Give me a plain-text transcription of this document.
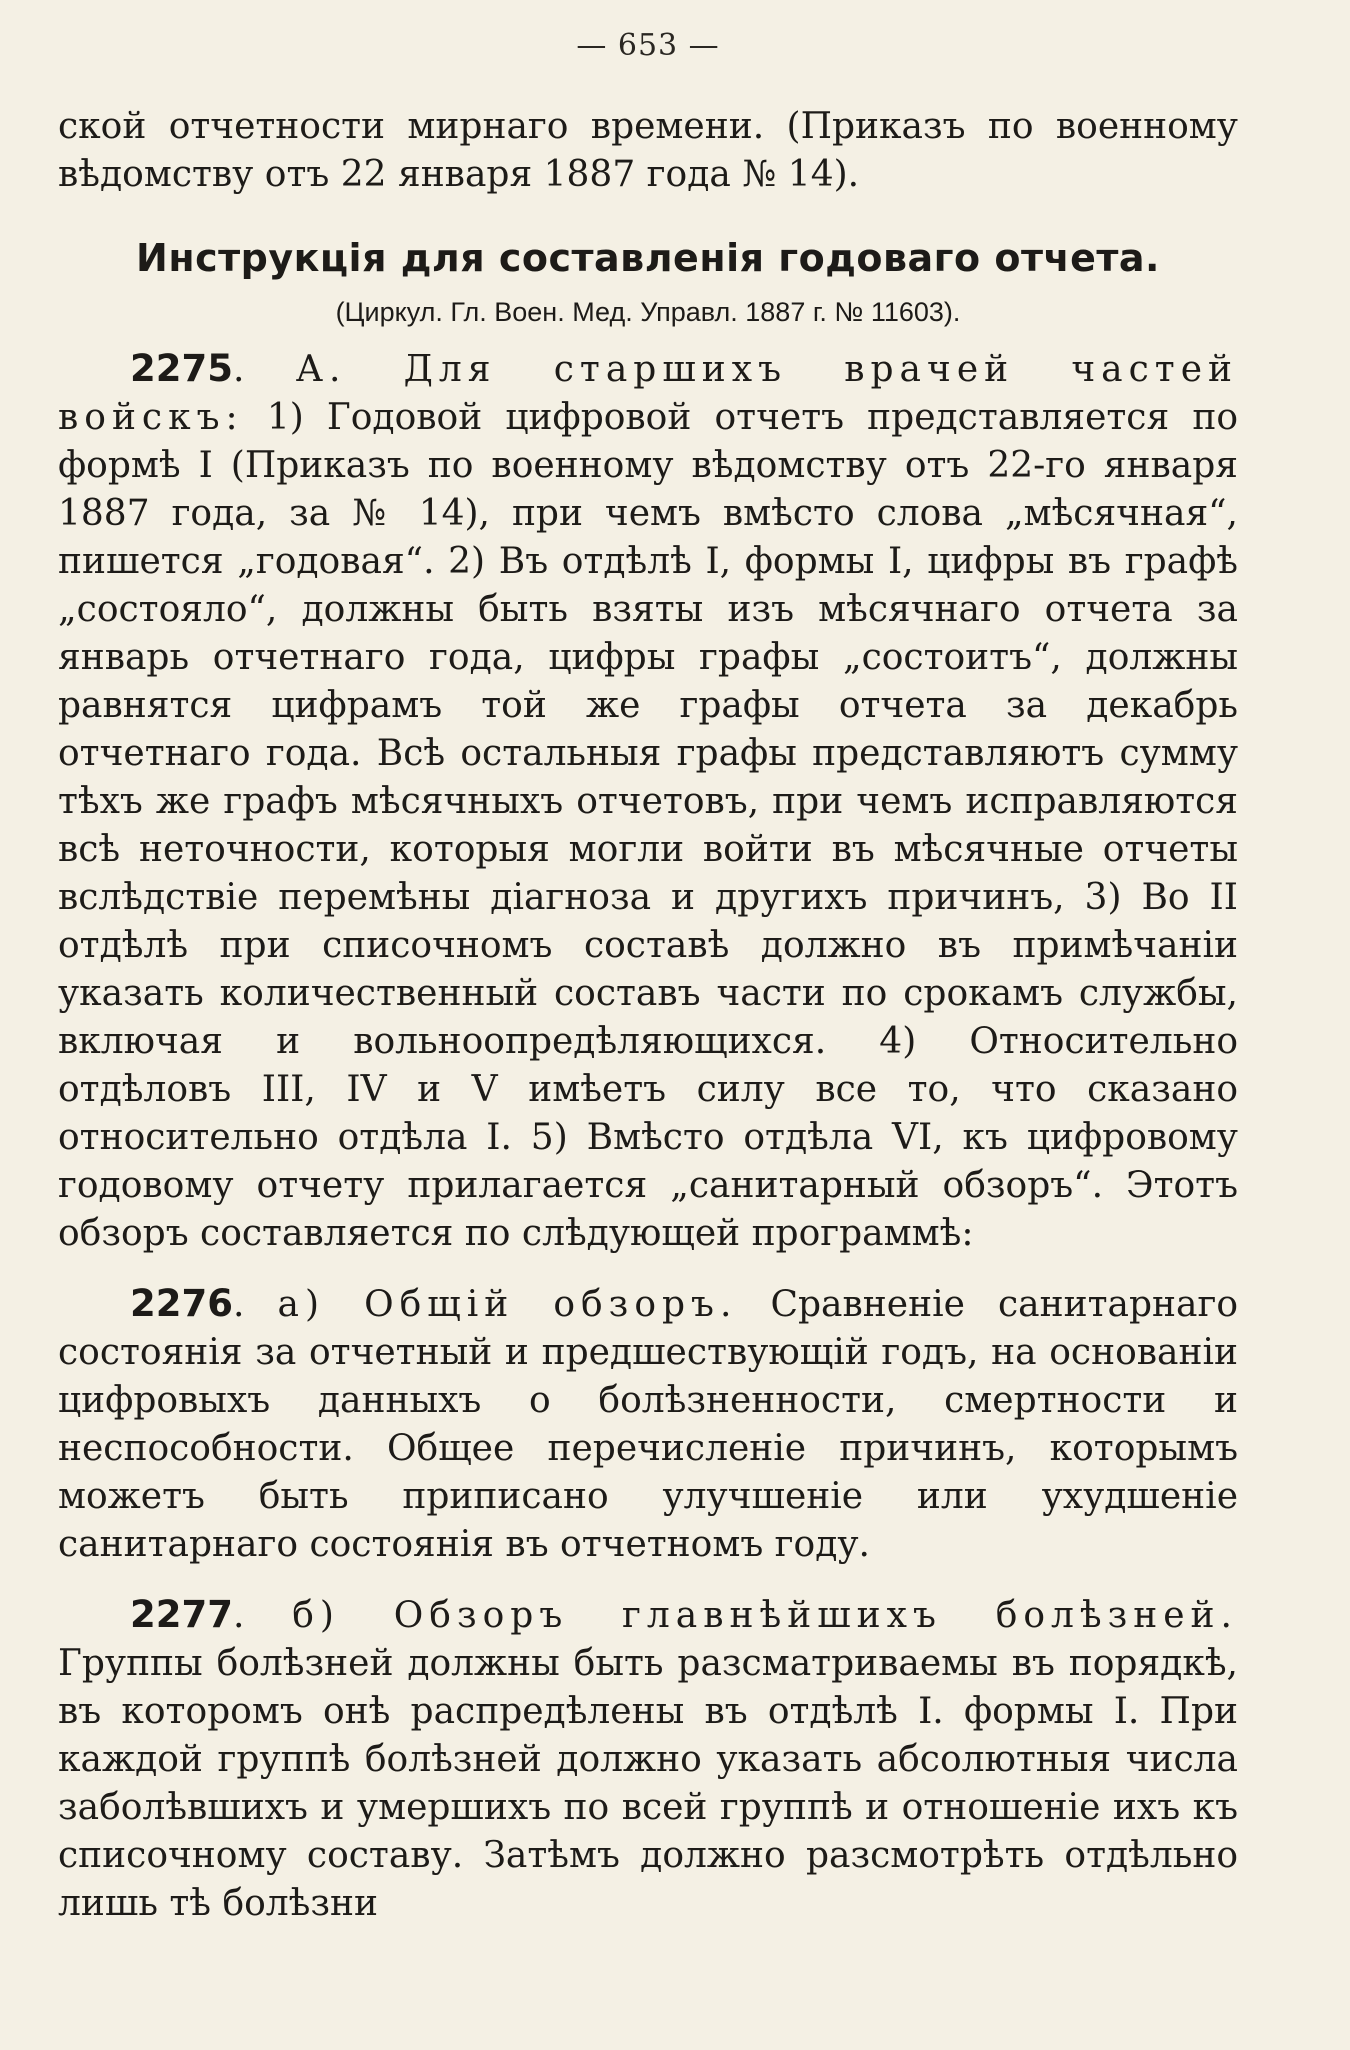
— 653 —

ской отчетности мирнаго времени. (Приказъ по военному вѣдомству отъ 22 января 1887 года № 14).

Инструкція для составленія годоваго отчета.
(Циркул. Гл. Воен. Мед. Управл. 1887 г. № 11603).

2275. А. Для старшихъ врачей частей войскъ: 1) Годовой цифровой отчетъ представляется по формѣ I (Приказъ по военному вѣдомству отъ 22-го января 1887 года, за № 14), при чемъ вмѣсто слова „мѣсячная“, пишется „годовая“. 2) Въ отдѣлѣ I, формы I, цифры въ графѣ „состояло“, должны быть взяты изъ мѣсячнаго отчета за январь отчетнаго года, цифры графы „состоитъ“, должны равнятся цифрамъ той же графы отчета за декабрь отчетнаго года. Всѣ остальныя графы представляютъ сумму тѣхъ же графъ мѣсячныхъ отчетовъ, при чемъ исправляются всѣ неточности, которыя могли войти въ мѣсячные отчеты вслѣдствіе перемѣны діагноза и другихъ причинъ, 3) Во II отдѣлѣ при списочномъ составѣ должно въ примѣчаніи указать количественный составъ части по срокамъ службы, включая и вольноопредѣляющихся. 4) Относительно отдѣловъ III, IV и V имѣетъ силу все то, что сказано относительно отдѣла I. 5) Вмѣсто отдѣла VI, къ цифровому годовому отчету прилагается „санитарный обзоръ“. Этотъ обзоръ составляется по слѣдующей программѣ:

2276. а) Общій обзоръ. Сравненіе санитарнаго состоянія за отчетный и предшествующій годъ, на основаніи цифровыхъ данныхъ о болѣзненности, смертности и неспособности. Общее перечисленіе причинъ, которымъ можетъ быть приписано улучшеніе или ухудшеніе санитарнаго состоянія въ отчетномъ году.

2277. б) Обзоръ главнѣйшихъ болѣзней. Группы болѣзней должны быть разсматриваемы въ порядкѣ, въ которомъ онѣ распредѣлены въ отдѣлѣ I. формы I. При каждой группѣ болѣзней должно указать абсолютныя числа заболѣвшихъ и умершихъ по всей группѣ и отношеніе ихъ къ списочному составу. Затѣмъ должно разсмотрѣть отдѣльно лишь тѣ болѣзни
